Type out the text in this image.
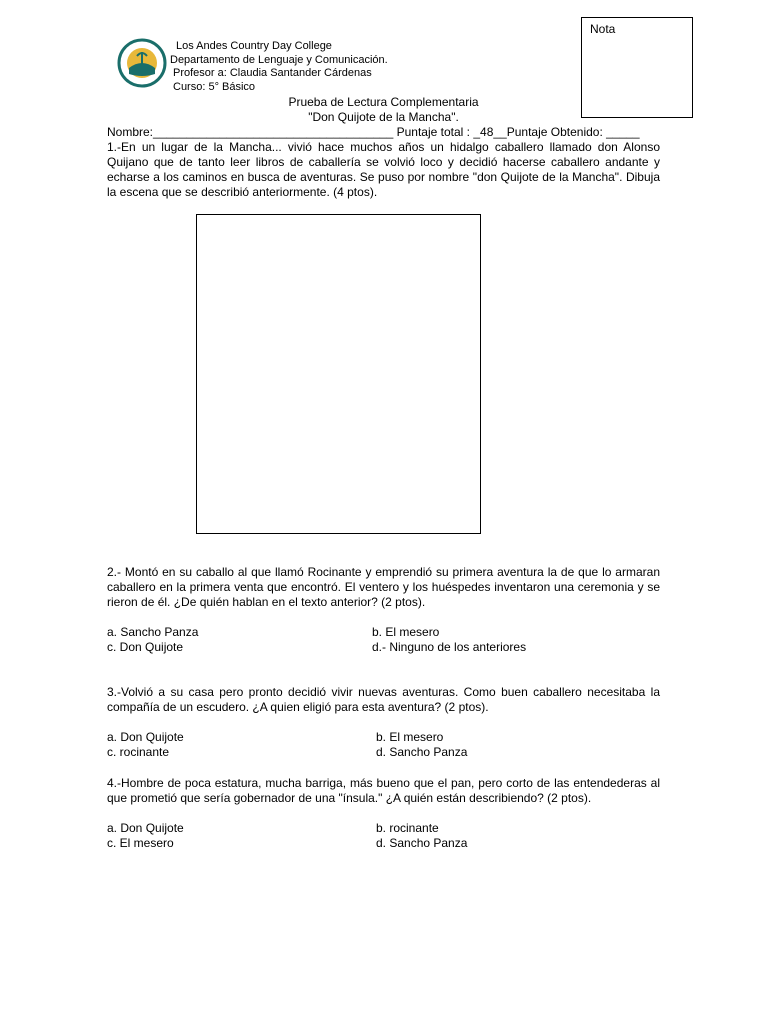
Nota
Los Andes Country Day College
Departamento de Lenguaje y Comunicación.
Profesor a: Claudia Santander Cárdenas
Curso: 5° Básico
Prueba de Lectura Complementaria
"Don Quijote de la Mancha".
Nombre:____________________________________ Puntaje total : _48__Puntaje Obtenido: _____
1.-En un lugar de la Mancha... vivió hace muchos años un hidalgo caballero llamado don Alonso Quijano que de tanto leer libros de caballería se volvió loco y decidió hacerse caballero andante y echarse a los caminos en busca de aventuras. Se puso por nombre "don Quijote de la Mancha". Dibuja la escena que se describió anteriormente. (4 ptos).
2.- Montó en su caballo al que llamó Rocinante y emprendió su primera aventura la de que lo armaran caballero en la primera venta que encontró. El ventero y los huéspedes inventaron una ceremonia y se rieron de él. ¿De quién hablan en el texto anterior? (2 ptos).
a. Sancho Panza	b. El mesero
c. Don Quijote	d.- Ninguno de los anteriores
3.-Volvió a su casa pero pronto decidió vivir nuevas aventuras. Como buen caballero necesitaba la compañía de un escudero. ¿A quien eligió para esta aventura? (2 ptos).
a. Don Quijote	b. El mesero
c. rocinante	d. Sancho Panza
4.-Hombre de poca estatura, mucha barriga, más bueno que el pan, pero corto de las entendederas al que prometió que sería gobernador de una "ínsula." ¿A quién están describiendo? (2 ptos).
a. Don Quijote	b. rocinante
c. El mesero	d. Sancho Panza
